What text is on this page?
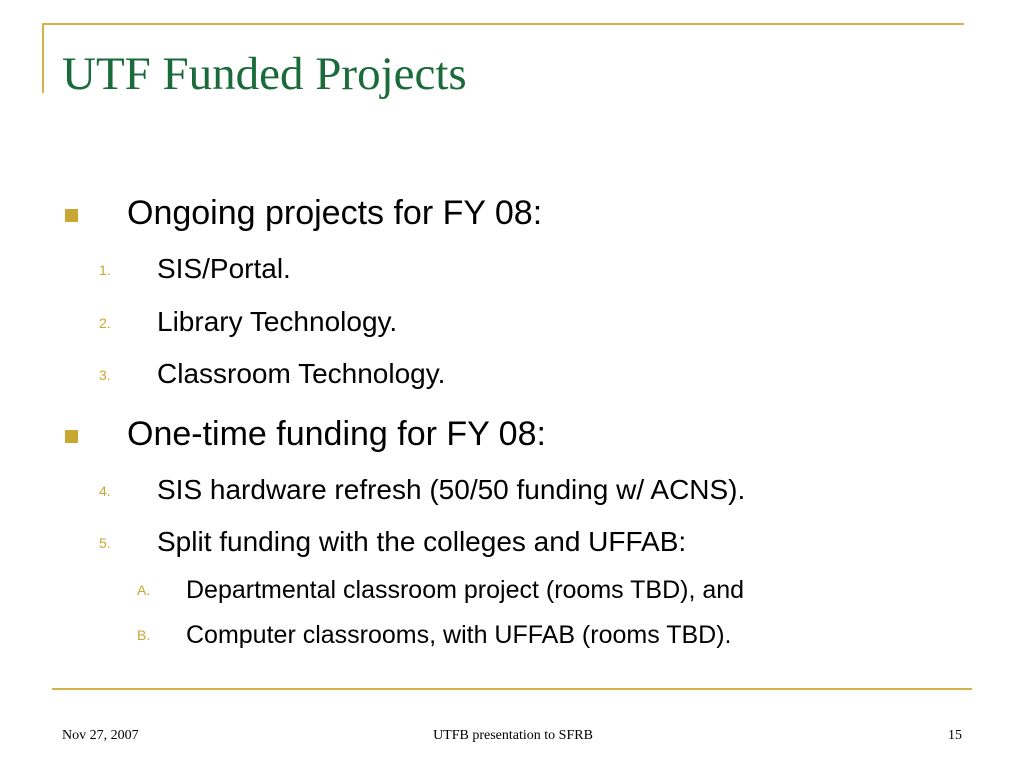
UTF Funded Projects
Ongoing projects for FY 08:
1. SIS/Portal.
2. Library Technology.
3. Classroom Technology.
One-time funding for FY 08:
4. SIS hardware refresh (50/50 funding w/ ACNS).
5. Split funding with the colleges and UFFAB:
A. Departmental classroom project (rooms TBD), and
B. Computer classrooms, with UFFAB (rooms TBD).
Nov 27, 2007	UTFB presentation to SFRB	15
